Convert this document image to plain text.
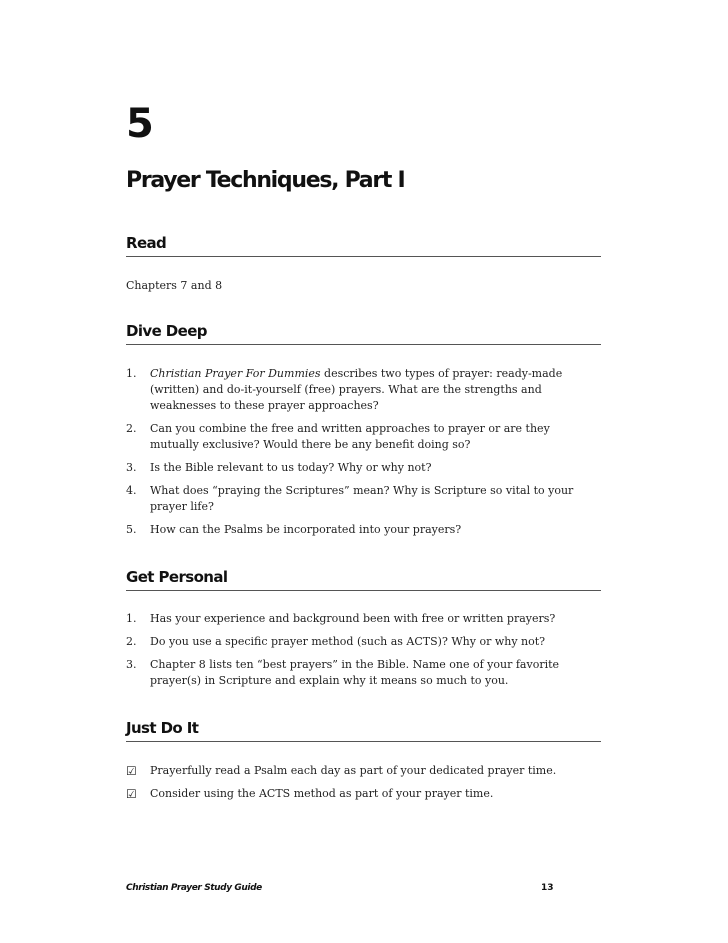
5
Prayer Techniques, Part I
Read
Chapters 7 and 8
Dive Deep
1. Christian Prayer For Dummies describes two types of prayer: ready-made (written) and do-it-yourself (free) prayers. What are the strengths and weaknesses to these prayer approaches?
2. Can you combine the free and written approaches to prayer or are they mutually exclusive? Would there be any benefit doing so?
3. Is the Bible relevant to us today? Why or why not?
4. What does “praying the Scriptures” mean? Why is Scripture so vital to your prayer life?
5. How can the Psalms be incorporated into your prayers?
Get Personal
1. Has your experience and background been with free or written prayers?
2. Do you use a specific prayer method (such as ACTS)? Why or why not?
3. Chapter 8 lists ten “best prayers” in the Bible. Name one of your favorite prayer(s) in Scripture and explain why it means so much to you.
Just Do It
☑ Prayerfully read a Psalm each day as part of your dedicated prayer time.
☑ Consider using the ACTS method as part of your prayer time.
Christian Prayer Study Guide	13
